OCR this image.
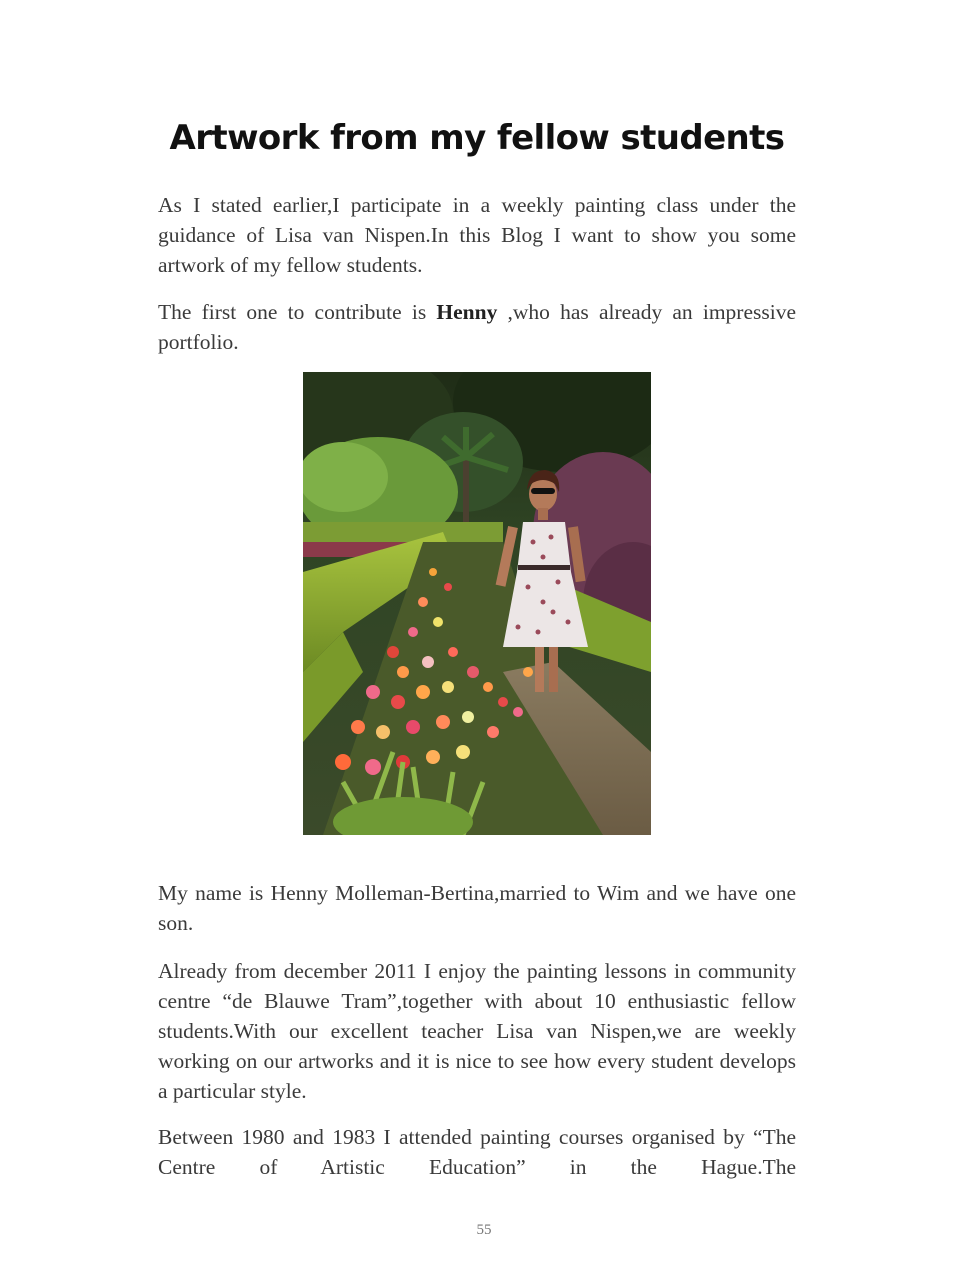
Artwork from my fellow students

As I stated earlier,I participate in a weekly painting class under the guidance of Lisa van Nispen.In this Blog I want to show you some artwork of my fellow students.

The first one to contribute is Henny ,who has already an impressive portfolio.

My name is Henny Molleman-Bertina,married to Wim and we have one son.

Already from december 2011 I enjoy the painting lessons in community centre “de Blauwe Tram”,together with about 10 enthusiastic fellow students.With our excellent teacher Lisa van Nispen,we are weekly working on our artworks and it is nice to see how every student develops a particular style.

Between 1980 and 1983 I attended painting courses organised by “The Centre of Artistic Education” in the Hague.The

55
